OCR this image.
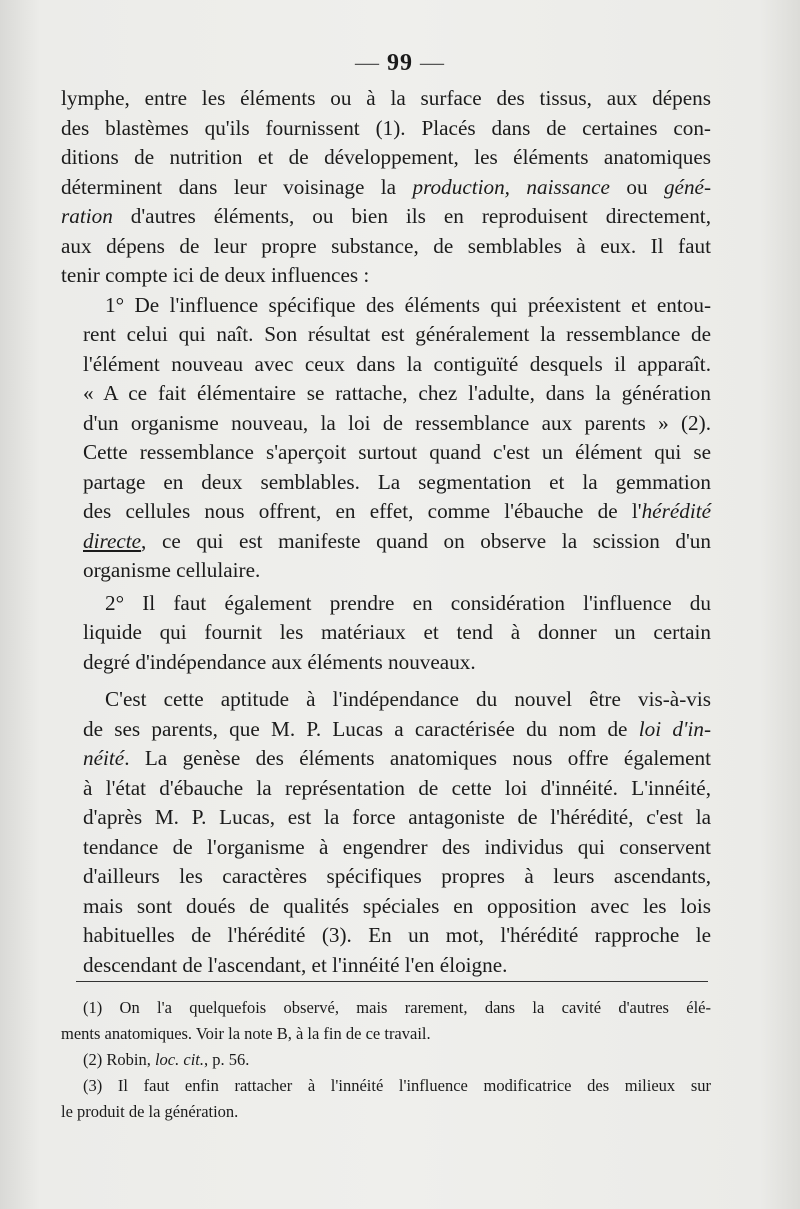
— 99 —

lymphe, entre les éléments ou à la surface des tissus, aux dépens
des blastèmes qu'ils fournissent (1). Placés dans de certaines con-
ditions de nutrition et de développement, les éléments anatomiques
déterminent dans leur voisinage la production, naissance ou géné-
ration d'autres éléments, ou bien ils en reproduisent directement,
aux dépens de leur propre substance, de semblables à eux. Il faut
tenir compte ici de deux influences :

1° De l'influence spécifique des éléments qui préexistent et entou-
rent celui qui naît. Son résultat est généralement la ressemblance de
l'élément nouveau avec ceux dans la contiguïté desquels il apparaît.
« A ce fait élémentaire se rattache, chez l'adulte, dans la génération
d'un organisme nouveau, la loi de ressemblance aux parents » (2).
Cette ressemblance s'aperçoit surtout quand c'est un élément qui se
partage en deux semblables. La segmentation et la gemmation
des cellules nous offrent, en effet, comme l'ébauche de l'hérédité
directe, ce qui est manifeste quand on observe la scission d'un
organisme cellulaire.

2° Il faut également prendre en considération l'influence du
liquide qui fournit les matériaux et tend à donner un certain
degré d'indépendance aux éléments nouveaux.

C'est cette aptitude à l'indépendance du nouvel être vis-à-vis
de ses parents, que M. P. Lucas a caractérisée du nom de loi d'in-
néité. La genèse des éléments anatomiques nous offre également
à l'état d'ébauche la représentation de cette loi d'innéité. L'innéité,
d'après M. P. Lucas, est la force antagoniste de l'hérédité, c'est la
tendance de l'organisme à engendrer des individus qui conservent
d'ailleurs les caractères spécifiques propres à leurs ascendants,
mais sont doués de qualités spéciales en opposition avec les lois
habituelles de l'hérédité (3). En un mot, l'hérédité rapproche le
descendant de l'ascendant, et l'innéité l'en éloigne.

(1) On l'a quelquefois observé, mais rarement, dans la cavité d'autres élé-
ments anatomiques. Voir la note B, à la fin de ce travail.
(2) Robin, loc. cit., p. 56.
(3) Il faut enfin rattacher à l'innéité l'influence modificatrice des milieux sur
le produit de la génération.
